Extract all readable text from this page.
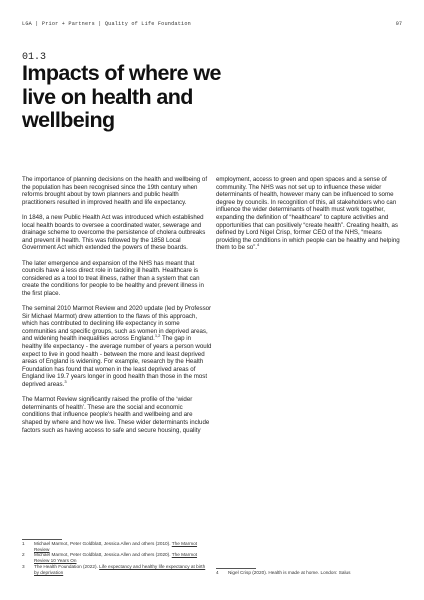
LGA | Prior + Partners | Quality of Life Foundation	07
01.3
Impacts of where we live on health and wellbeing

The importance of planning decisions on the health and wellbeing of the population has been recognised since the 19th century when reforms brought about by town planners and public health practitioners resulted in improved health and life expectancy.

In 1848, a new Public Health Act was introduced which established local health boards to oversee a coordinated water, sewerage and drainage scheme to overcome the persistence of cholera outbreaks and prevent ill health. This was followed by the 1858 Local Government Act which extended the powers of these boards.

The later emergence and expansion of the NHS has meant that councils have a less direct role in tackling ill health. Healthcare is considered as a tool to treat illness, rather than a system that can create the conditions for people to be healthy and prevent illness in the first place.

The seminal 2010 Marmot Review and 2020 update (led by Professor Sir Michael Marmot) drew attention to the flaws of this approach, which has contributed to declining life expectancy in some communities and specific groups, such as women in deprived areas, and widening health inequalities across England.$^{1,2}$ The gap in healthy life expectancy - the average number of years a person would expect to live in good health - between the more and least deprived areas of England is widening. For example, research by the Health Foundation has found that women in the least deprived areas of England live 19.7 years longer in good health than those in the most deprived areas.$^3$

The Marmot Review significantly raised the profile of the ‘wider determinants of health’. These are the social and economic conditions that influence people's health and wellbeing and are shaped by where and how we live. These wider determinants include factors such as having access to safe and secure housing, quality

employment, access to green and open spaces and a sense of community. The NHS was not set up to influence these wider determinants of health, however many can be influenced to some degree by councils. In recognition of this, all stakeholders who can influence the wider determinants of health must work together, expanding the definition of “healthcare” to capture activities and opportunities that can positively “create health”. Creating health, as defined by Lord Nigel Crisp, former CEO of the NHS, “means providing the conditions in which people can be healthy and helping them to be so”.$^4$

1	Michael Marmot, Peter Goldblatt, Jessica Allen and others (2010). The Marmot Review
2	Michael Marmot, Peter Goldblatt, Jessica Allen and others (2020). The Marmot Review 10 Years On
3	The Health Foundation (2022). Life expectancy and healthy life expectancy at birth by deprivation	4	Nigel Crisp (2020). Health is made at home. London: Salus
